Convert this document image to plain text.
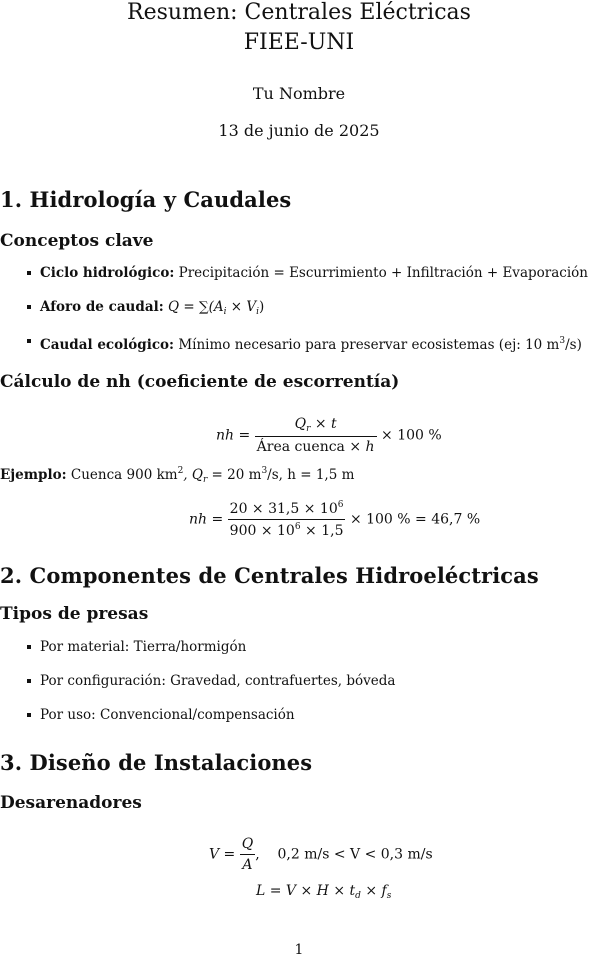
Resumen: Centrales Eléctricas
FIEE-UNI
Tu Nombre
13 de junio de 2025
1. Hidrología y Caudales
Conceptos clave
Ciclo hidrológico: Precipitación = Escurrimiento + Infiltración + Evaporación
Aforo de caudal: $Q = \sum(A_i \times V_i)$
Caudal ecológico: Mínimo necesario para preservar ecosistemas (ej: 10 $m^3/s$)
Cálculo de nh (coeficiente de escorrentía)
nh = $\frac{Q_r \times t}{\text{Área cuenca × h}} \times 100$ %
Ejemplo: Cuenca 900 $km^2$, $Q_r = 20$ $m^3/s$, h = 1,5 m
nh = $\frac{20 \times 31,5 \times 10^6}{900 \times 10^6 \times 1,5} \times 100$ % = 46,7 %
2. Componentes de Centrales Hidroeléctricas
Tipos de presas
Por material: Tierra/hormigón
Por configuración: Gravedad, contrafuertes, bóveda
Por uso: Convencional/compensación
3. Diseño de Instalaciones
Desarenadores
$V = \frac{Q}{A}$ ,    0,2 m/s < V < 0,3 m/s
$L = V \times H \times t_d \times f_s$
1
